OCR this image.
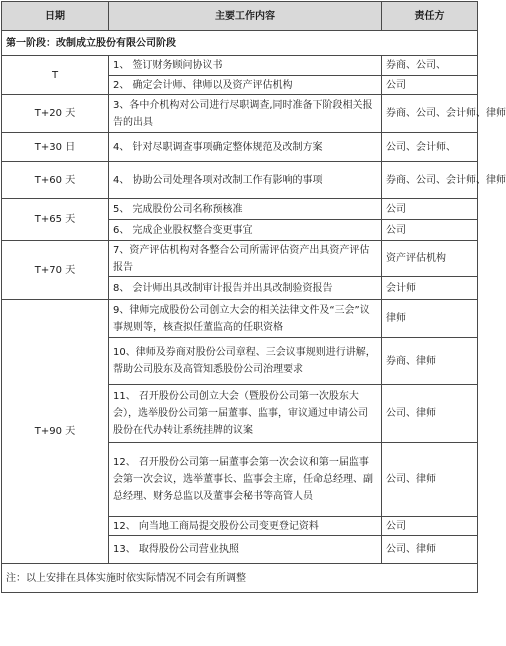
日期	主要工作内容	责任方
第一阶段：改制成立股份有限公司阶段		
T	1、 签订财务顾问协议书	券商、公司、
	2、 确定会计师、律师以及资产评估机构	公司
T+20 天	3、各中介机构对公司进行尽职调查,同时准备下阶段相关报告的出具	券商、公司、会计师、律师
T+30 日	4、 针对尽职调查事项确定整体规范及改制方案	公司、会计师、
T+60 天	4、 协助公司处理各项对改制工作有影响的事项	券商、公司、会计师、律师
T+65 天	5、 完成股份公司名称预核准	公司
	6、 完成企业股权整合变更事宜	公司
T+70 天	7、资产评估机构对各整合公司所需评估资产出具资产评估报告	资产评估机构
	8、 会计师出具改制审计报告并出具改制验资报告	会计师
T+90 天	9、律师完成股份公司创立大会的相关法律文件及“三会”议事规则等，核查拟任董监高的任职资格	律师
	10、律师及券商对股份公司章程、三会议事规则进行讲解，帮助公司股东及高管知悉股份公司治理要求	券商、律师
	11、 召开股份公司创立大会（暨股份公司第一次股东大会），选举股份公司第一届董事、监事，审议通过申请公司股份在代办转让系统挂牌的议案	公司、律师
	12、 召开股份公司第一届董事会第一次会议和第一届监事会第一次会议，选举董事长、监事会主席，任命总经理、副总经理、财务总监以及董事会秘书等高管人员	公司、律师
	12、 向当地工商局提交股份公司变更登记资料	公司
	13、 取得股份公司营业执照	公司、律师
注：以上安排在具体实施时依实际情况不同会有所调整		
